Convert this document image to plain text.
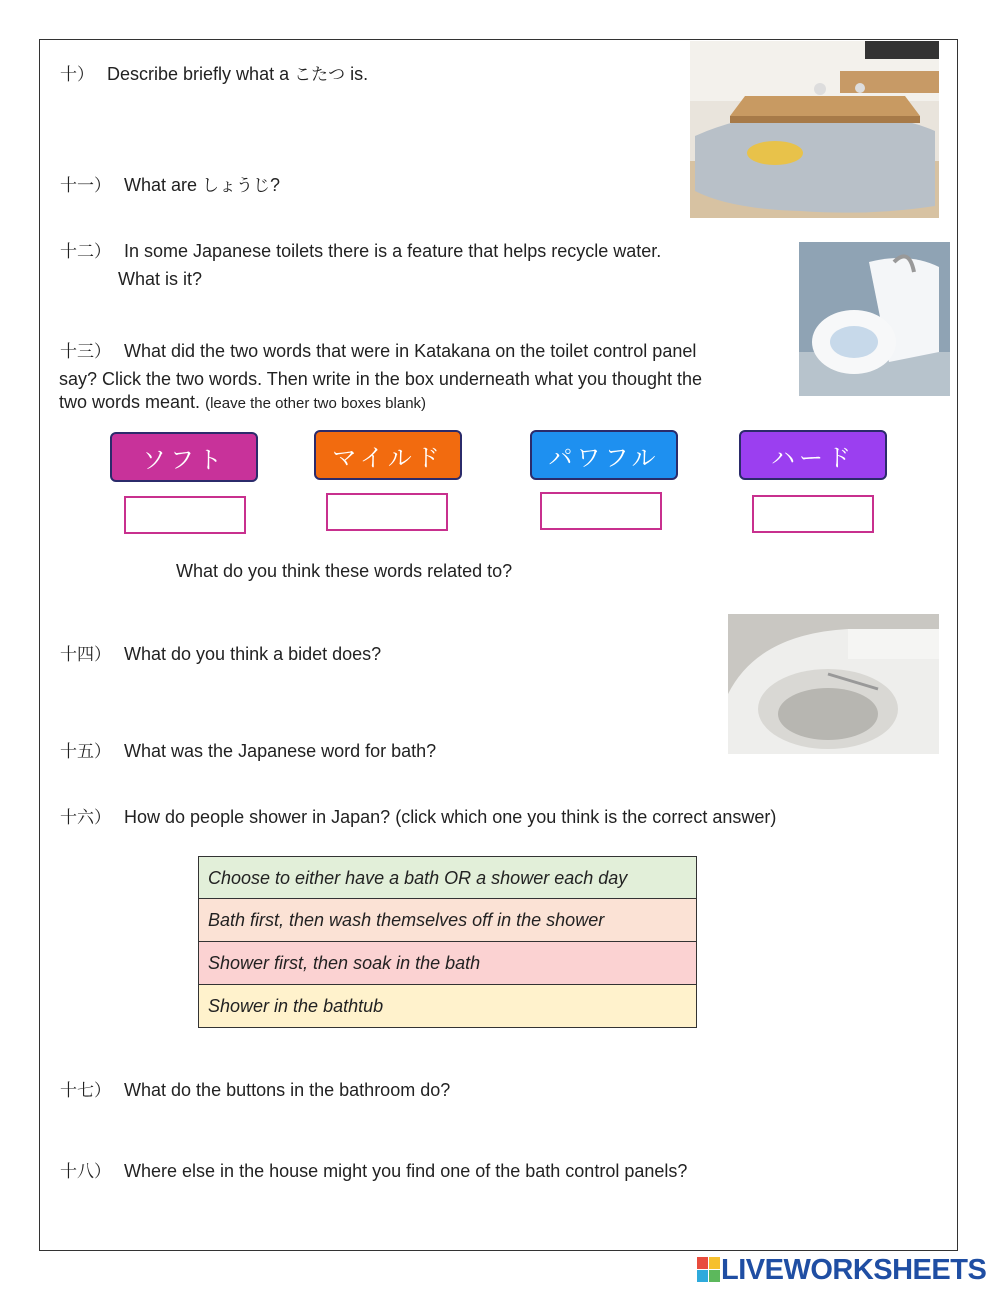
十） Describe briefly what a こたつ is.
十一） What are しょうじ?
十二） In some Japanese toilets there is a feature that helps recycle water.
What is it?
十三） What did the two words that were in Katakana on the toilet control panel
say? Click the two words. Then write in the box underneath what you thought the
two words meant. (leave the other two boxes blank)
ソフト	マイルド	パワフル	ハード
What do you think these words related to?
十四） What do you think a bidet does?
十五） What was the Japanese word for bath?
十六） How do people shower in Japan? (click which one you think is the correct answer)
Choose to either have a bath OR a shower each day
Bath first, then wash themselves off in the shower
Shower first, then soak in the bath
Shower in the bathtub
十七） What do the buttons in the bathroom do?
十八） Where else in the house might you find one of the bath control panels?
LIVEWORKSHEETS
